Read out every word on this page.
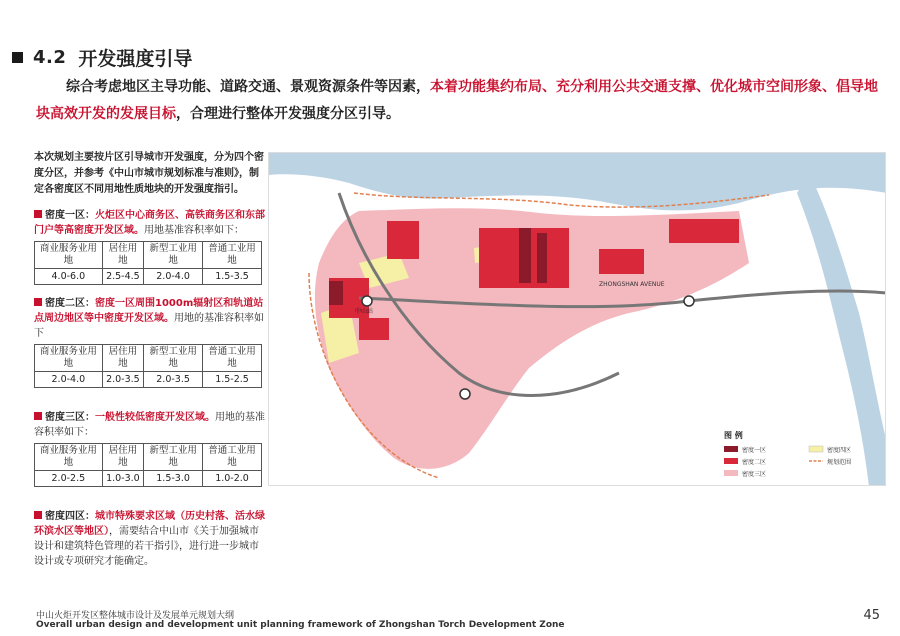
4.2 开发强度引导

综合考虑地区主导功能、道路交通、景观资源条件等因素，本着功能集约布局、充分利用公共交通支撑、优化城市空间形象、倡导地块高效开发的发展目标，合理进行整体开发强度分区引导。

本次规划主要按片区引导城市开发强度，分为四个密度分区，并参考《中山市城市规划标准与准则》，制定各密度区不同用地性质地块的开发强度指引。

密度一区：火炬区中心商务区、高铁商务区和东部门户等高密度开发区域。用地基准容积率如下：

商业服务业用地	居住用地	新型工业用地	普通工业用地
4.0-6.0	2.5-4.5	2.0-4.0	1.5-3.5

密度二区：密度一区周围1000m辐射区和轨道站点周边地区等中密度开发区域。用地的基准容积率如下

商业服务业用地	居住用地	新型工业用地	普通工业用地
2.0-4.0	2.0-3.5	2.0-3.5	1.5-2.5

密度三区：一般性较低密度开发区域。用地的基准容积率如下：

商业服务业用地	居住用地	新型工业用地	普通工业用地
2.0-2.5	1.0-3.0	1.5-3.0	1.0-2.0

密度四区：城市特殊要求区域（历史村落、活水绿环滨水区等地区），需要结合中山市《关于加强城市设计和建筑特色管理的若干指引》，进行进一步城市设计或专项研究才能确定。

中山站
ZHONGSHAN AVENUE
图 例
密度一区
密度二区
密度三区
密度四区
规划范围

中山火炬开发区整体城市设计及发展单元规划大纲

Overall urban design and development unit planning framework of Zhongshan Torch Development Zone

45
